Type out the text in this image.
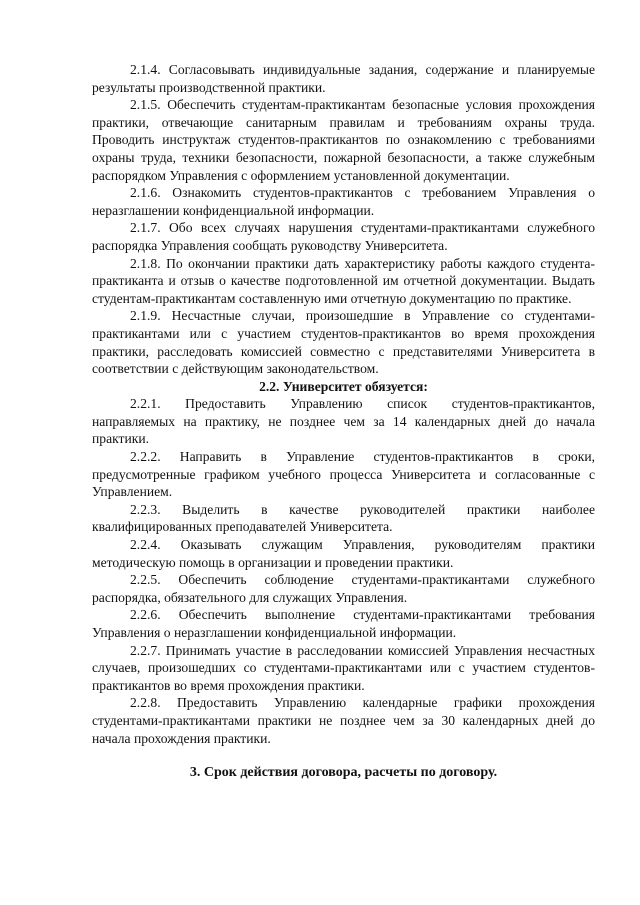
2.1.4. Согласовывать индивидуальные задания, содержание и планируемые результаты производственной практики.

2.1.5. Обеспечить студентам-практикантам безопасные условия прохождения практики, отвечающие санитарным правилам и требованиям охраны труда. Проводить инструктаж студентов-практикантов по ознакомлению с требованиями охраны труда, техники безопасности, пожарной безопасности, а также служебным распорядком Управления с оформлением установленной документации.

2.1.6. Ознакомить студентов-практикантов с требованием Управления о неразглашении конфиденциальной информации.

2.1.7. Обо всех случаях нарушения студентами-практикантами служебного распорядка Управления сообщать руководству Университета.

2.1.8. По окончании практики дать характеристику работы каждого студента-практиканта и отзыв о качестве подготовленной им отчетной документации. Выдать студентам-практикантам составленную ими отчетную документацию по практике.

2.1.9. Несчастные случаи, произошедшие в Управление со студентами-практикантами или с участием студентов-практикантов во время прохождения практики, расследовать комиссией совместно с представителями Университета в соответствии с действующим законодательством.

2.2. Университет обязуется:

2.2.1. Предоставить Управлению список студентов-практикантов, направляемых на практику, не позднее чем за 14 календарных дней до начала практики.

2.2.2. Направить в Управление студентов-практикантов в сроки, предусмотренные графиком учебного процесса Университета и согласованные с Управлением.

2.2.3. Выделить в качестве руководителей практики наиболее квалифицированных преподавателей Университета.

2.2.4. Оказывать служащим Управления, руководителям практики методическую помощь в организации и проведении практики.

2.2.5. Обеспечить соблюдение студентами-практикантами служебного распорядка, обязательного для служащих Управления.

2.2.6. Обеспечить выполнение студентами-практикантами требования Управления о неразглашении конфиденциальной информации.

2.2.7. Принимать участие в расследовании комиссией Управления несчастных случаев, произошедших со студентами-практикантами или с участием студентов-практикантов во время прохождения практики.

2.2.8. Предоставить Управлению календарные графики прохождения студентами-практикантами практики не позднее чем за 30 календарных дней до начала прохождения практики.

3. Срок действия договора, расчеты по договору.
